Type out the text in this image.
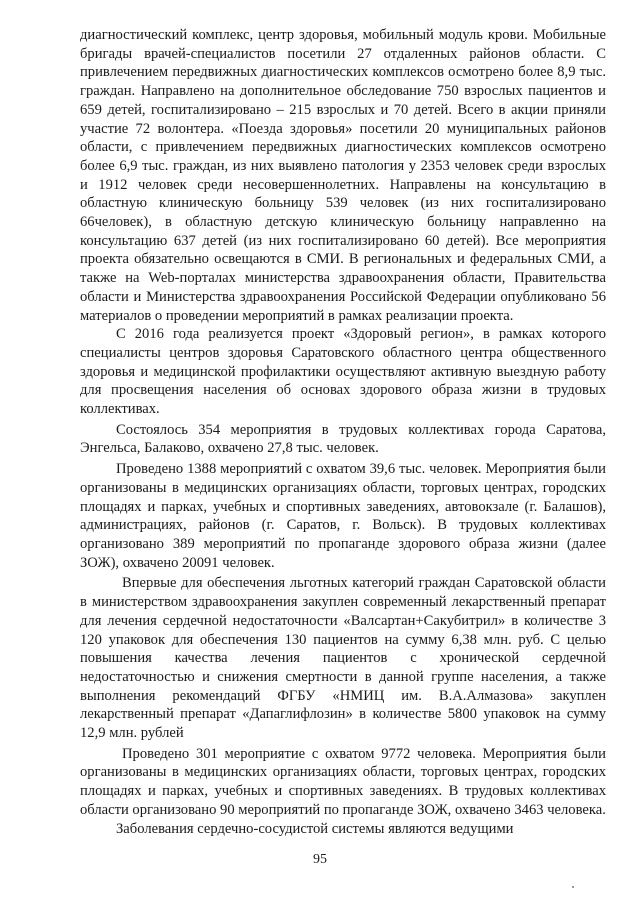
диагностический комплекс, центр здоровья, мобильный модуль крови. Мобильные бригады врачей-специалистов посетили 27 отдаленных районов области. С привлечением передвижных диагностических комплексов осмотрено более 8,9 тыс. граждан. Направлено на дополнительное обследование 750 взрослых пациентов и 659 детей, госпитализировано – 215 взрослых и 70 детей. Всего в акции приняли участие 72 волонтера. «Поезда здоровья» посетили 20 муниципальных районов области, с привлечением передвижных диагностических комплексов осмотрено более 6,9 тыс. граждан, из них выявлено патология у 2353 человек среди взрослых и 1912 человек среди несовершеннолетних. Направлены на консультацию в областную клиническую больницу 539 человек (из них госпитализировано 66человек), в областную детскую клиническую больницу направленно на консультацию 637 детей (из них госпитализировано 60 детей). Все мероприятия проекта обязательно освещаются в СМИ. В региональных и федеральных СМИ, а также на Web-порталах министерства здравоохранения области, Правительства области и Министерства здравоохранения Российской Федерации опубликовано 56 материалов о проведении мероприятий в рамках реализации проекта.

С 2016 года реализуется проект «Здоровый регион», в рамках которого специалисты центров здоровья Саратовского областного центра общественного здоровья и медицинской профилактики осуществляют активную выездную работу для просвещения населения об основах здорового образа жизни в трудовых коллективах.

Состоялось 354 мероприятия в трудовых коллективах города Саратова, Энгельса, Балаково, охвачено 27,8 тыс. человек.

Проведено 1388 мероприятий с охватом 39,6 тыс. человек. Мероприятия были организованы в медицинских организациях области, торговых центрах, городских площадях и парках, учебных и спортивных заведениях, автовокзале (г. Балашов), администрациях, районов (г. Саратов, г. Вольск). В трудовых коллективах организовано 389 мероприятий по пропаганде здорового образа жизни (далее ЗОЖ), охвачено 20091 человек.

Впервые для обеспечения льготных категорий граждан Саратовской области в министерством здравоохранения закуплен современный лекарственный препарат для лечения сердечной недостаточности «Валсартан+Сакубитрил» в количестве 3 120 упаковок для обеспечения 130 пациентов на сумму 6,38 млн. руб. С целью повышения качества лечения пациентов с хронической сердечной недостаточностью и снижения смертности в данной группе населения, а также выполнения рекомендаций ФГБУ «НМИЦ им. В.А.Алмазова» закуплен лекарственный препарат «Дапаглифлозин» в количестве 5800 упаковок на сумму 12,9 млн. рублей

Проведено 301 мероприятие с охватом 9772 человека. Мероприятия были организованы в медицинских организациях области, торговых центрах, городских площадях и парках, учебных и спортивных заведениях. В трудовых коллективах области организовано 90 мероприятий по пропаганде ЗОЖ, охвачено 3463 человека.

Заболевания сердечно-сосудистой системы являются ведущими

95
